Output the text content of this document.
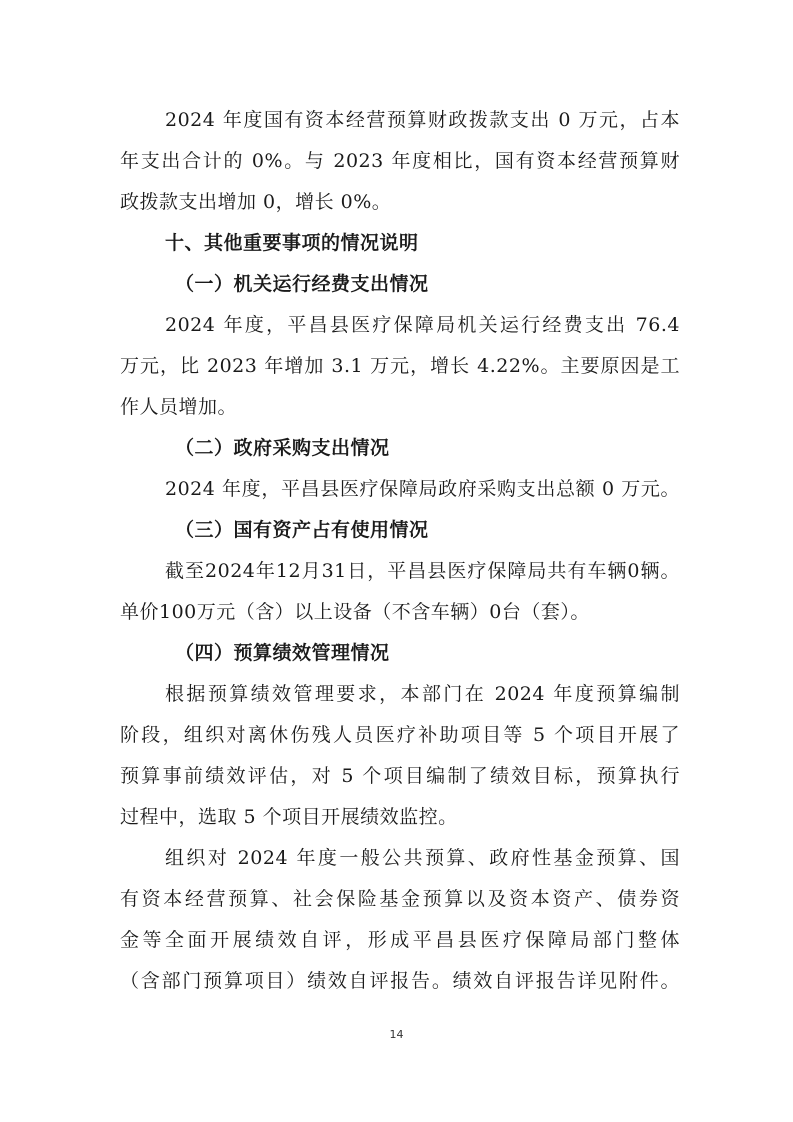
2024 年度国有资本经营预算财政拨款支出 0 万元，占本
年支出合计的 0%。与 2023 年度相比，国有资本经营预算财
政拨款支出增加 0，增长 0%。
十、其他重要事项的情况说明
（一）机关运行经费支出情况
2024 年度，平昌县医疗保障局机关运行经费支出 76.4
万元，比 2023 年增加 3.1 万元，增长 4.22%。主要原因是工
作人员增加。
（二）政府采购支出情况
2024 年度，平昌县医疗保障局政府采购支出总额 0 万元。
（三）国有资产占有使用情况
截至2024年12月31日，平昌县医疗保障局共有车辆0辆。
单价100万元（含）以上设备（不含车辆）0台（套）。
（四）预算绩效管理情况
根据预算绩效管理要求，本部门在 2024 年度预算编制
阶段，组织对离休伤残人员医疗补助项目等 5 个项目开展了
预算事前绩效评估，对 5 个项目编制了绩效目标，预算执行
过程中，选取 5 个项目开展绩效监控。
组织对 2024 年度一般公共预算、政府性基金预算、国
有资本经营预算、社会保险基金预算以及资本资产、债券资
金等全面开展绩效自评，形成平昌县医疗保障局部门整体
（含部门预算项目）绩效自评报告。绩效自评报告详见附件。
14
